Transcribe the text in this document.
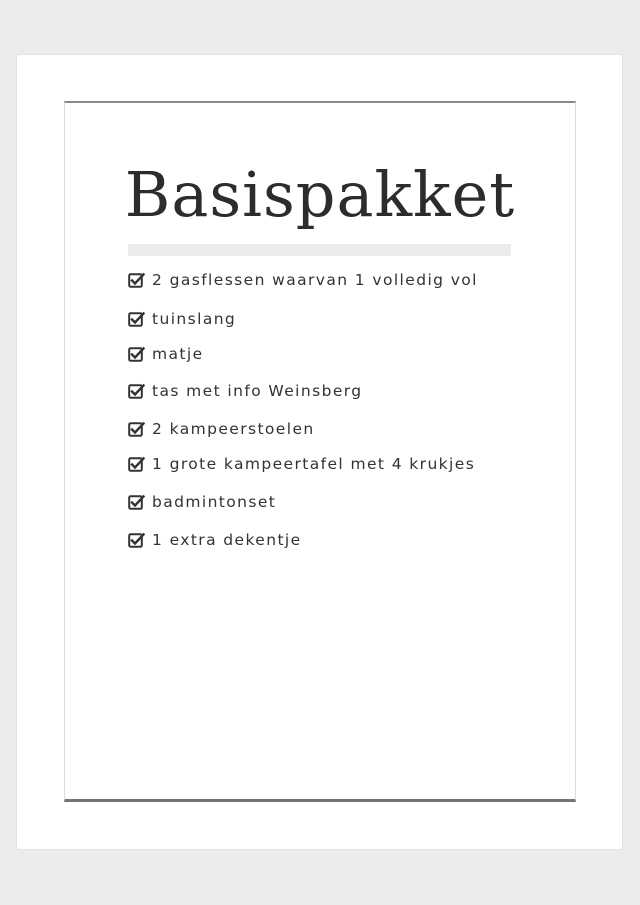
Basispakket
2 gasflessen waarvan 1 volledig vol
tuinslang
matje
tas met info Weinsberg
2 kampeerstoelen
1 grote kampeertafel met 4 krukjes
badmintonset
1 extra dekentje
